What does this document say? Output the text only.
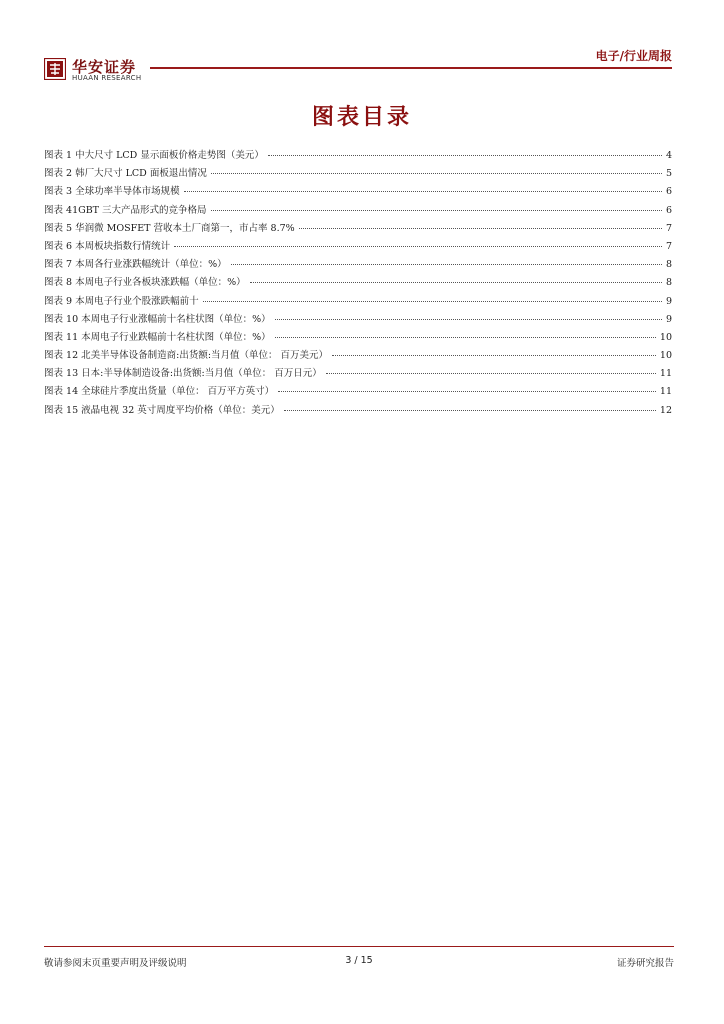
华安证券
HUAAN RESEARCH
电子/行业周报
图表目录
图表 1 中大尺寸 LCD 显示面板价格走势图（美元）	4
图表 2 韩厂大尺寸 LCD 面板退出情况	5
图表 3 全球功率半导体市场规模	6
图表 41GBT 三大产品形式的竞争格局	6
图表 5 华润微 MOSFET 营收本土厂商第一，市占率 8.7%	7
图表 6 本周板块指数行情统计	7
图表 7 本周各行业涨跌幅统计（单位：%）	8
图表 8 本周电子行业各板块涨跌幅（单位：%）	8
图表 9 本周电子行业个股涨跌幅前十	9
图表 10 本周电子行业涨幅前十名柱状图（单位：%）	9
图表 11 本周电子行业跌幅前十名柱状图（单位：%）	10
图表 12 北美半导体设备制造商:出货额:当月值（单位： 百万美元）	10
图表 13 日本:半导体制造设备:出货额:当月值（单位： 百万日元）	11
图表 14 全球硅片季度出货量（单位： 百万平方英寸）	11
图表 15 液晶电视 32 英寸周度平均价格（单位：美元）	12
敬请参阅末页重要声明及评级说明	3 / 15	证券研究报告
